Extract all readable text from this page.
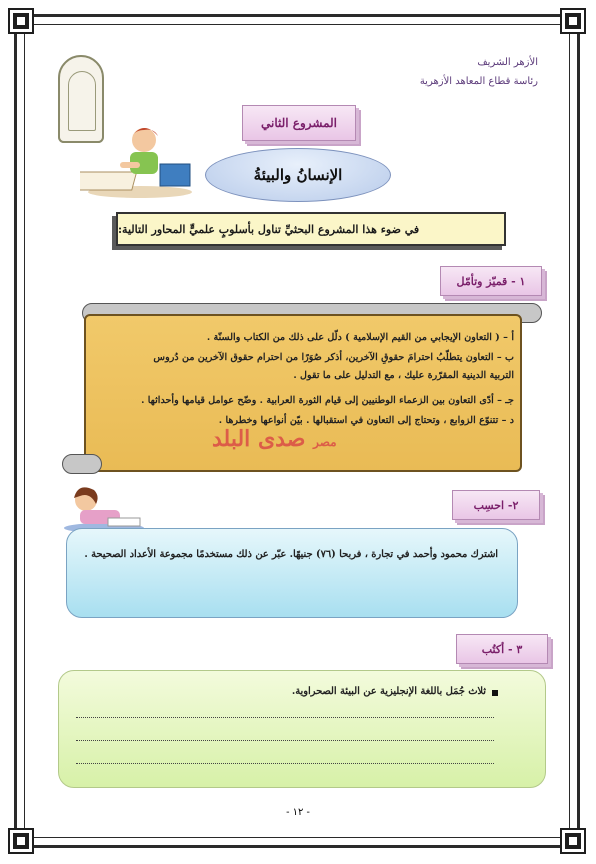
الأزهر الشريف
رئاسة قطاع المعاهد الأزهرية
المشروع الثاني
الإنسانُ والبيئةُ
في ضوء هذا المشروع البحثيِّ تناول بأسلوبٍ علميٍّ المحاور التالية:
١ - قميّز وتأمّل
أ – ( التعاون الإيجابي من القيم الإسلامية ) دلّل على ذلك من الكتاب والسنّة .
ب – التعاون يتطلّبُ احترامَ حقوقِ الآخرين، أذكر صُوَرًا من احترام حقوق الآخرين من دُروس
التربية الدينية المقرّرة عليك ، مع التدليل على ما تقول .
جـ – أدّى التعاون بين الزعماء الوطنيين إلى قيام الثورة العرابية . وضّح عوامل قيامها وأحداثها .
د – تتنوّع الزوابع ، وتحتاج إلى التعاون في استقبالها . بيّن أنواعها وخطرها .
مصر صدى البلد
٢- احسِب
اشترك محمود وأحمد في تجارة ، فربحا (٧٦) جنيهًا. عبّر عن ذلك مستخدمًا مجموعة الأعداد الصحيحة .
٣ - أكتُب
ثلاث جُمَل باللغة الإنجليزية عن البيئة الصحراوية.
- ١٢ -
